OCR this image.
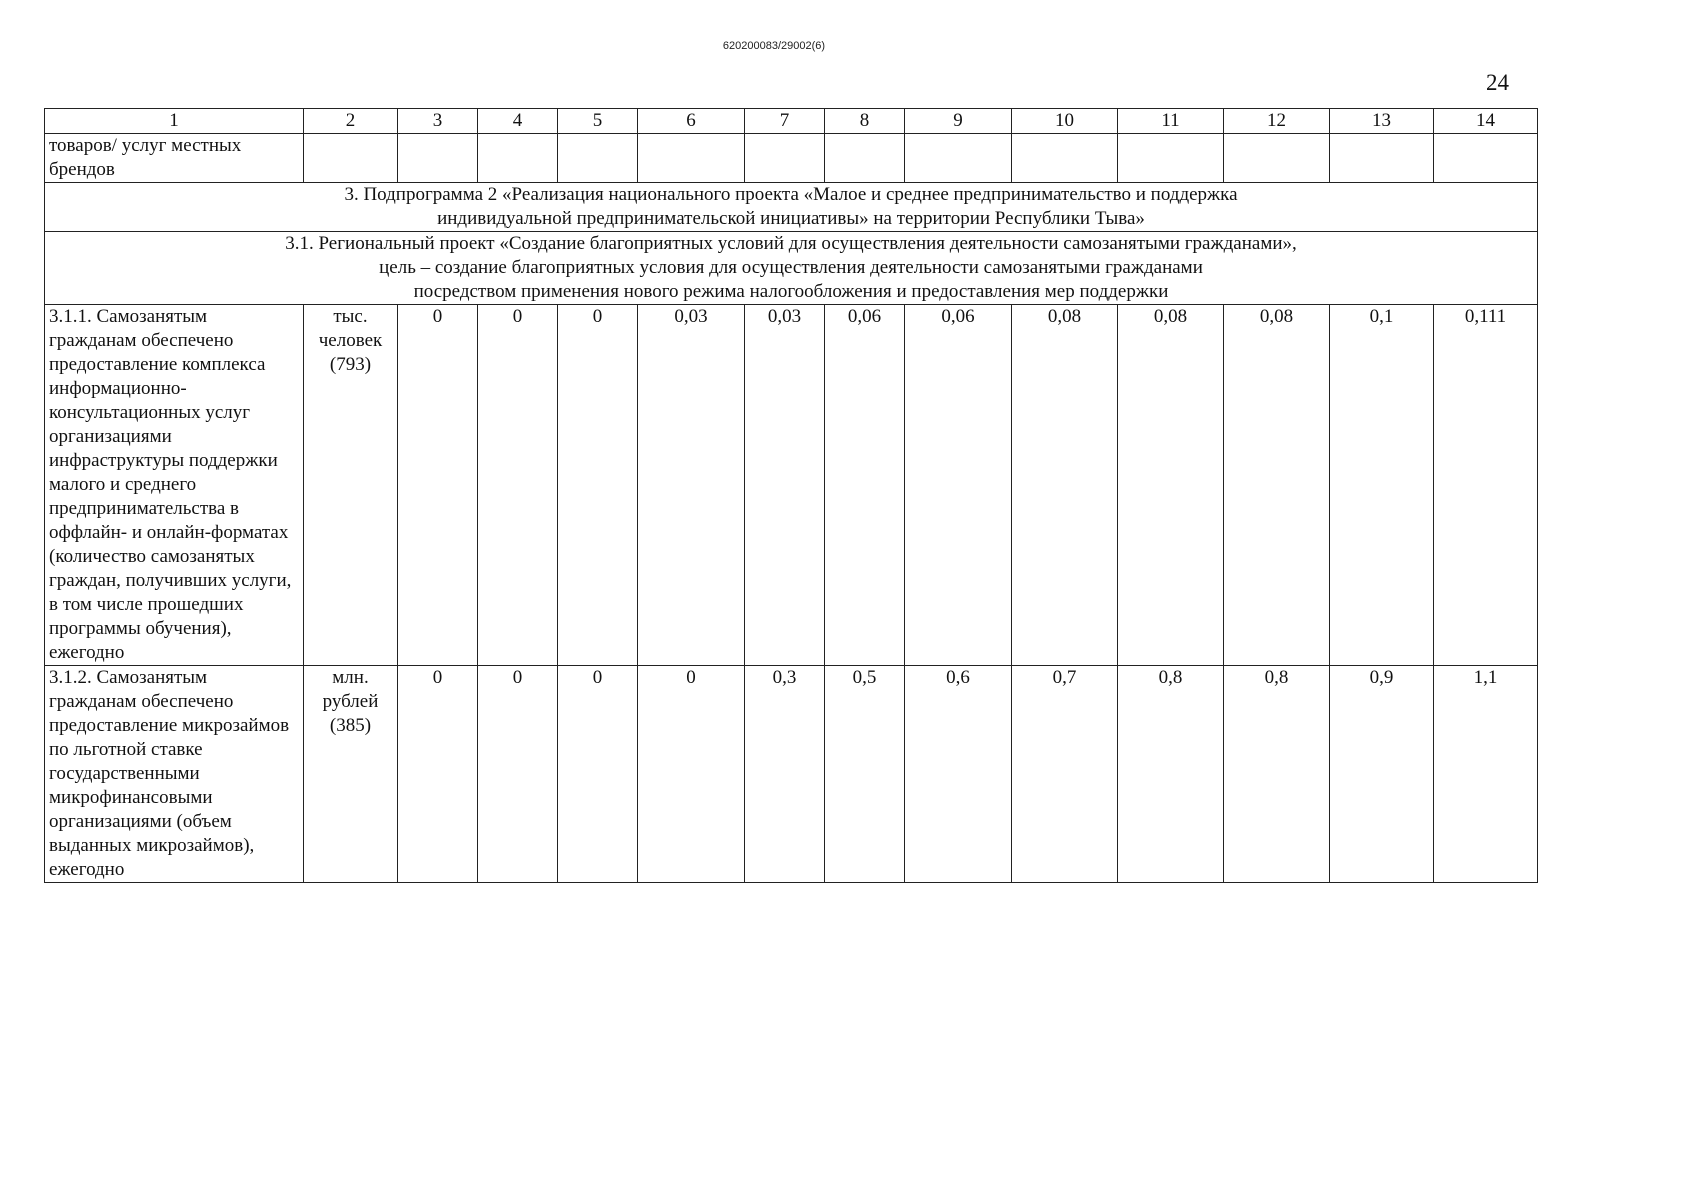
620200083/29002(6)
24
1	2	3	4	5	6	7	8	9	10	11	12	13	14
товаров/ услуг местных брендов													

3. Подпрограмма 2 «Реализация национального проекта «Малое и среднее предпринимательство и поддержка
индивидуальной предпринимательской инициативы» на территории Республики Тыва»													

3.1. Региональный проект «Создание благоприятных условий для осуществления деятельности самозанятыми гражданами»,
цель – создание благоприятных условия для осуществления деятельности самозанятыми гражданами
посредством применения нового режима налогообложения и предоставления мер поддержки													

3.1.1. Самозанятым гражданам обеспечено предоставление комплекса информационно-консультационных услуг организациями инфраструктуры поддержки малого и среднего предпринимательства в оффлайн- и онлайн-форматах (количество самозанятых граждан, получивших услуги, в том числе прошедших программы обучения), ежегодно	тыс. человек (793)	0	0	0	0,03	0,03	0,06	0,06	0,08	0,08	0,08	0,1	0,111
3.1.2. Самозанятым гражданам обеспечено предоставление микрозаймов по льготной ставке государственными микрофинансовыми организациями (объем выданных микрозаймов), ежегодно	млн. рублей (385)	0	0	0	0	0,3	0,5	0,6	0,7	0,8	0,8	0,9	1,1
